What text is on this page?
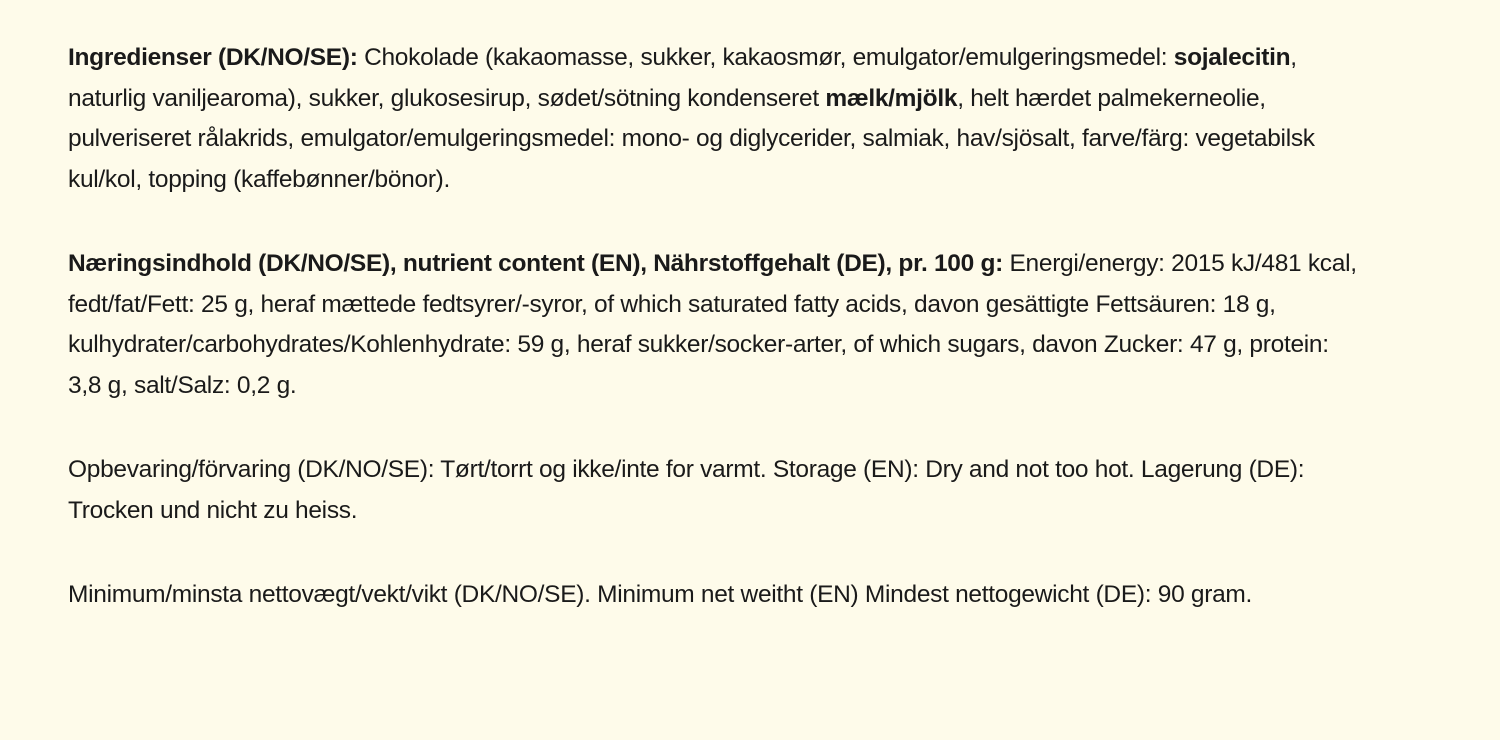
Ingredienser (DK/NO/SE): Chokolade (kakaomasse, sukker, kakaosmør, emulgator/emulgeringsmedel: sojalecitin, naturlig vaniljearoma), sukker, glukosesirup, sødet/sötning kondenseret mælk/mjölk, helt hærdet palmekerneolie, pulveriseret rålakrids, emulgator/emulgeringsmedel: mono- og diglycerider, salmiak, hav/sjösalt, farve/färg: vegetabilsk kul/kol, topping (kaffebønner/bönor).

Næringsindhold (DK/NO/SE), nutrient content (EN), Nährstoffgehalt (DE), pr. 100 g: Energi/energy: 2015 kJ/481 kcal, fedt/fat/Fett: 25 g, heraf mættede fedtsyrer/-syror, of which saturated fatty acids, davon gesättigte Fettsäuren: 18 g, kulhydrater/carbohydrates/Kohlenhydrate: 59 g, heraf sukker/socker-arter, of which sugars, davon Zucker: 47 g, protein: 3,8 g, salt/Salz: 0,2 g.

Opbevaring/förvaring (DK/NO/SE): Tørt/torrt og ikke/inte for varmt. Storage (EN): Dry and not too hot. Lagerung (DE): Trocken und nicht zu heiss.

Minimum/minsta nettovægt/vekt/vikt (DK/NO/SE). Minimum net weitht (EN) Mindest nettogewicht (DE): 90 gram.
